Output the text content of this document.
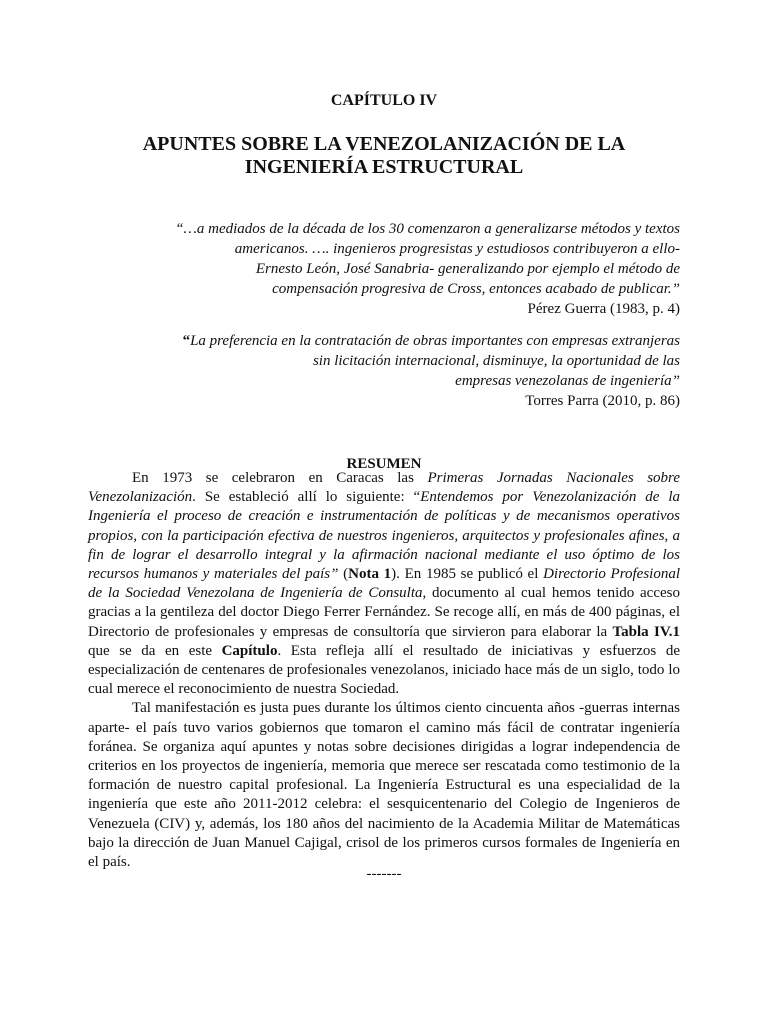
CAPÍTULO IV
APUNTES SOBRE LA VENEZOLANIZACIÓN DE LA
INGENIERÍA ESTRUCTURAL
“…a mediados de la década de los 30 comenzaron a generalizarse métodos y textos
americanos. …. ingenieros progresistas y estudiosos contribuyeron a ello-
Ernesto León, José Sanabria- generalizando por ejemplo el método de
compensación progresiva de Cross, entonces acabado de publicar.”
Pérez Guerra (1983, p. 4)
“La preferencia en la contratación de obras importantes con empresas extranjeras
sin licitación internacional, disminuye, la oportunidad de las
empresas venezolanas de ingeniería”
Torres Parra (2010, p. 86)
RESUMEN

En 1973 se celebraron en Caracas las Primeras Jornadas Nacionales sobre Venezolanización. Se estableció allí lo siguiente: “Entendemos por Venezolanización de la Ingeniería el proceso de creación e instrumentación de políticas y de mecanismos operativos propios, con la participación efectiva de nuestros ingenieros, arquitectos y profesionales afines, a fin de lograr el desarrollo integral y la afirmación nacional mediante el uso óptimo de los recursos humanos y materiales del país” (Nota 1). En 1985 se publicó el Directorio Profesional de la Sociedad Venezolana de Ingeniería de Consulta, documento al cual hemos tenido acceso gracias a la gentileza del doctor Diego Ferrer Fernández. Se recoge allí, en más de 400 páginas, el Directorio de profesionales y empresas de consultoría que sirvieron para elaborar la Tabla IV.1 que se da en este Capítulo. Esta refleja allí el resultado de iniciativas y esfuerzos de especialización de centenares de profesionales venezolanos, iniciado hace más de un siglo, todo lo cual merece el reconocimiento de nuestra Sociedad.

Tal manifestación es justa pues durante los últimos ciento cincuenta años -guerras internas aparte- el país tuvo varios gobiernos que tomaron el camino más fácil de contratar ingeniería foránea. Se organiza aquí apuntes y notas sobre decisiones dirigidas a lograr independencia de criterios en los proyectos de ingeniería, memoria que merece ser rescatada como testimonio de la formación de nuestro capital profesional. La Ingeniería Estructural es una especialidad de la ingeniería que este año 2011-2012 celebra: el sesquicentenario del Colegio de Ingenieros de Venezuela (CIV) y, además, los 180 años del nacimiento de la Academia Militar de Matemáticas bajo la dirección de Juan Manuel Cajigal, crisol de los primeros cursos formales de Ingeniería en el país.

-------
